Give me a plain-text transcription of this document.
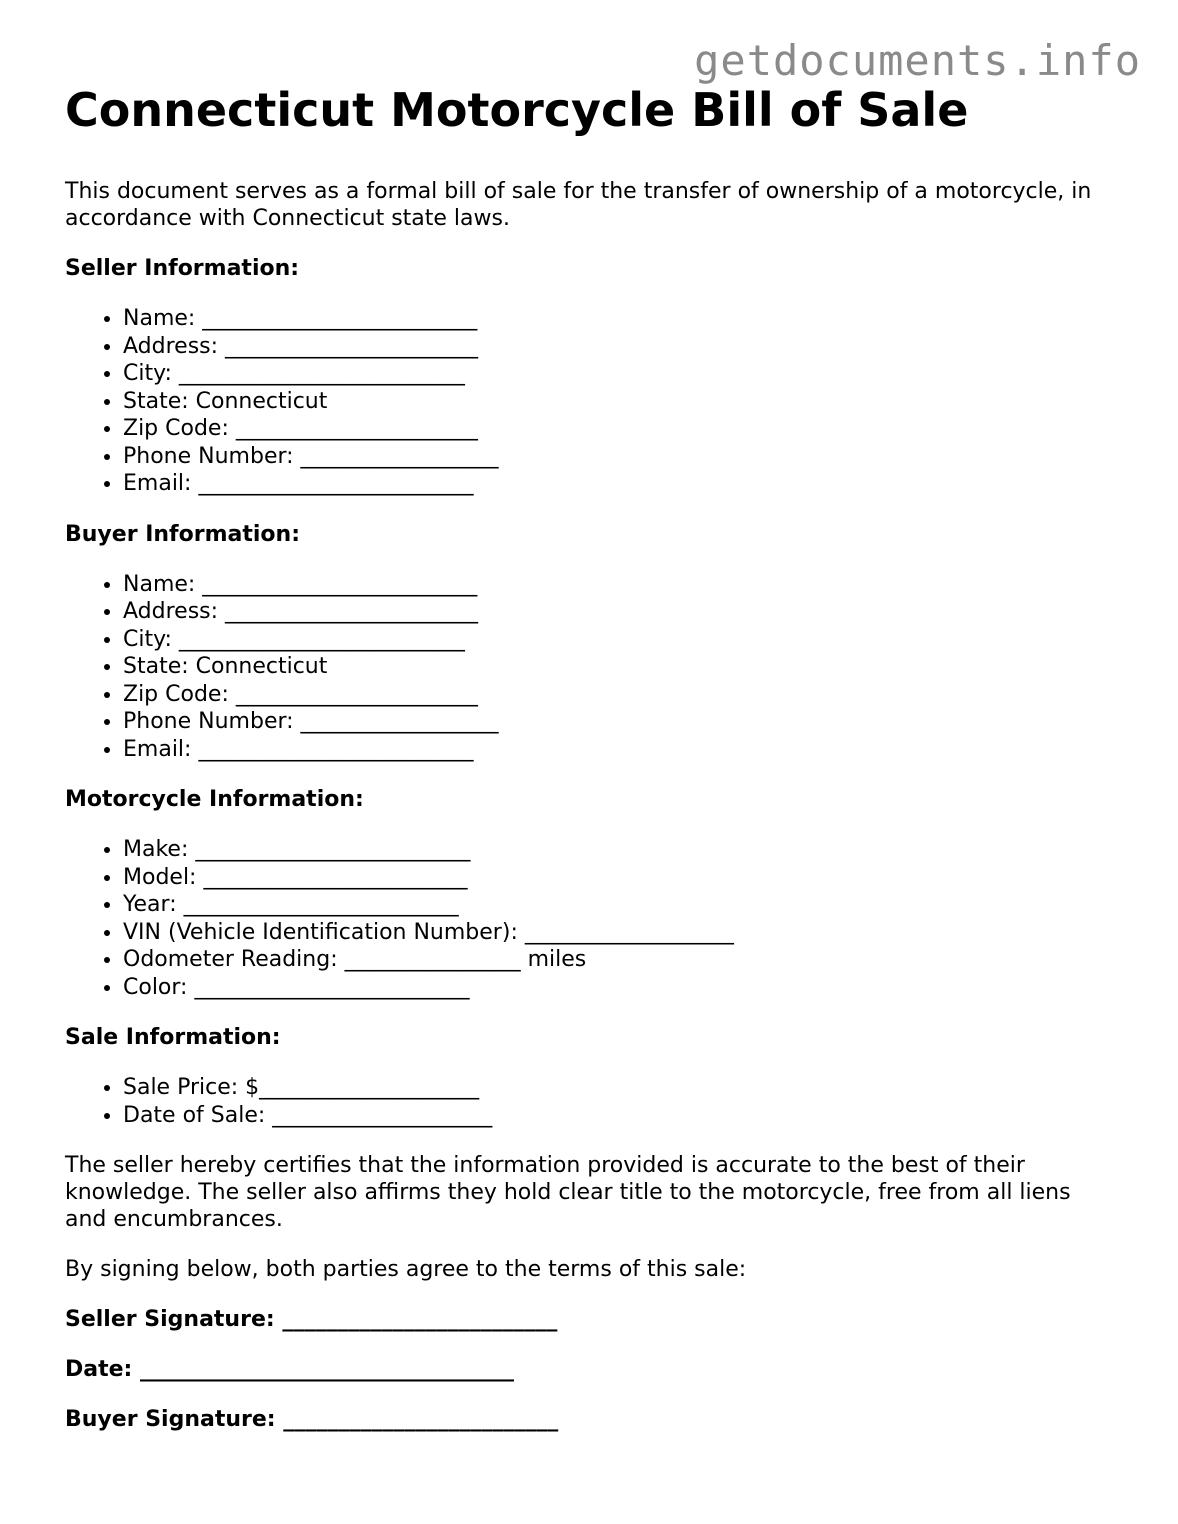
getdocuments.info
Connecticut Motorcycle Bill of Sale

This document serves as a formal bill of sale for the transfer of ownership of a motorcycle, in accordance with Connecticut state laws.

Seller Information:

• Name: _________________________
• Address: _______________________
• City: __________________________
• State: Connecticut
• Zip Code: ______________________
• Phone Number: __________________
• Email: _________________________

Buyer Information:

• Name: _________________________
• Address: _______________________
• City: __________________________
• State: Connecticut
• Zip Code: ______________________
• Phone Number: __________________
• Email: _________________________

Motorcycle Information:

• Make: _________________________
• Model: ________________________
• Year: _________________________
• VIN (Vehicle Identification Number): ___________________
• Odometer Reading: ________________ miles
• Color: _________________________

Sale Information:

• Sale Price: $____________________
• Date of Sale: ____________________

The seller hereby certifies that the information provided is accurate to the best of their knowledge. The seller also affirms they hold clear title to the motorcycle, free from all liens and encumbrances.

By signing below, both parties agree to the terms of this sale:

Seller Signature: _________________________

Date: __________________________________

Buyer Signature: _________________________
